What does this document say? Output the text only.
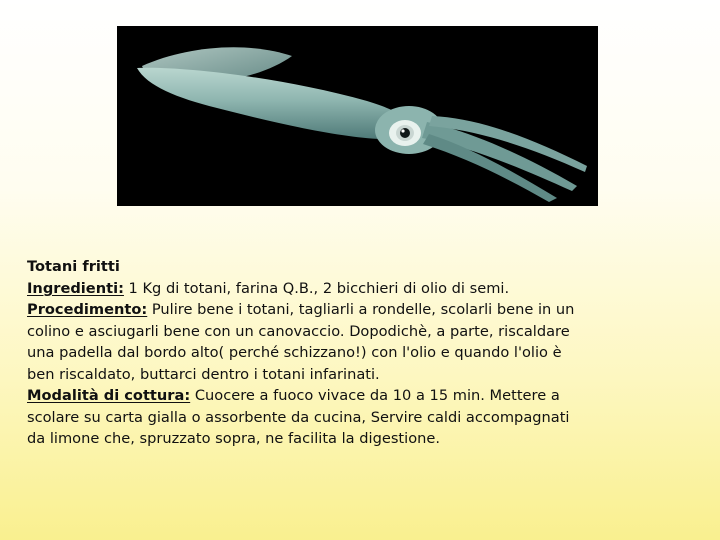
Totani fritti

Ingredienti: 1 Kg di totani, farina Q.B., 2 bicchieri di olio di semi.

Procedimento: Pulire bene i totani, tagliarli a rondelle, scolarli bene in un colino e asciugarli bene con un canovaccio. Dopodichè, a parte, riscaldare una padella dal bordo alto( perché schizzano!) con l'olio e quando l'olio è ben riscaldato, buttarci dentro i totani infarinati.

Modalità di cottura: Cuocere a fuoco vivace da 10 a 15 min. Mettere a scolare su carta gialla o assorbente da cucina, Servire caldi accompagnati da limone che, spruzzato sopra, ne facilita la digestione.
